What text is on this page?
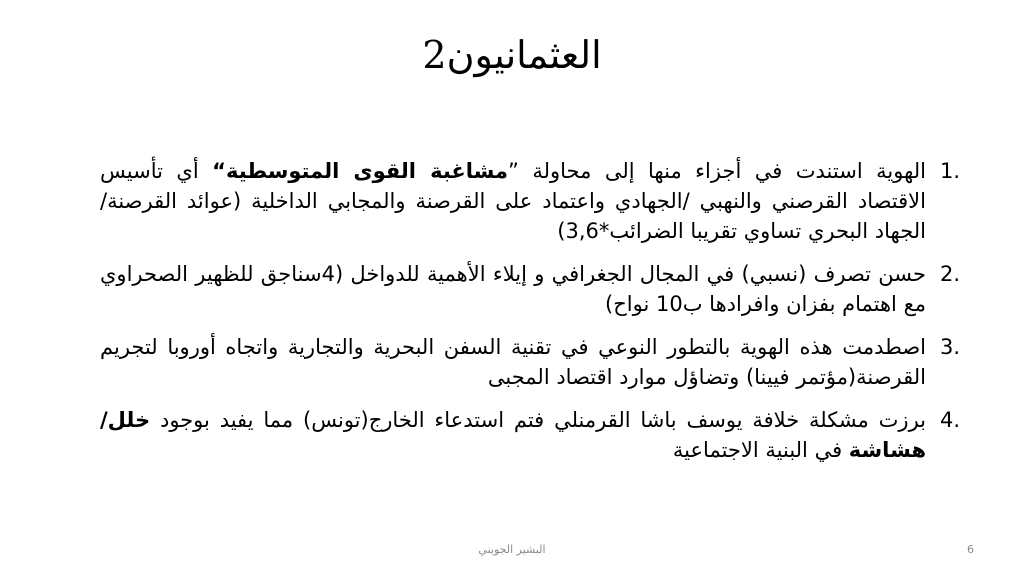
العثمانيون2
.1
الهوية استندت في أجزاء منها إلى محاولة ”مشاغبة القوى المتوسطية“ أي تأسيس الاقتصاد القرصني والنهبي /الجهادي واعتماد على القرصنة والمجابي الداخلية (عوائد القرصنة/الجهاد البحري تساوي تقريبا الضرائب*3,6)
.2
حسن تصرف (نسبي) في المجال الجغرافي و إيلاء الأهمية للدواخل (4سناجق للظهير الصحراوي مع اهتمام بفزان وافرادها ب10 نواح)
.3
اصطدمت هذه الهوية بالتطور النوعي في تقنية السفن البحرية والتجارية واتجاه أوروبا لتجريم القرصنة(مؤتمر فيينا) وتضاؤل موارد اقتصاد المجبى
.4
برزت مشكلة خلافة يوسف باشا القرمنلي فتم استدعاء الخارج(تونس) مما يفيد بوجود خلل/هشاشة في البنية الاجتماعية
البشير الجويني	6
